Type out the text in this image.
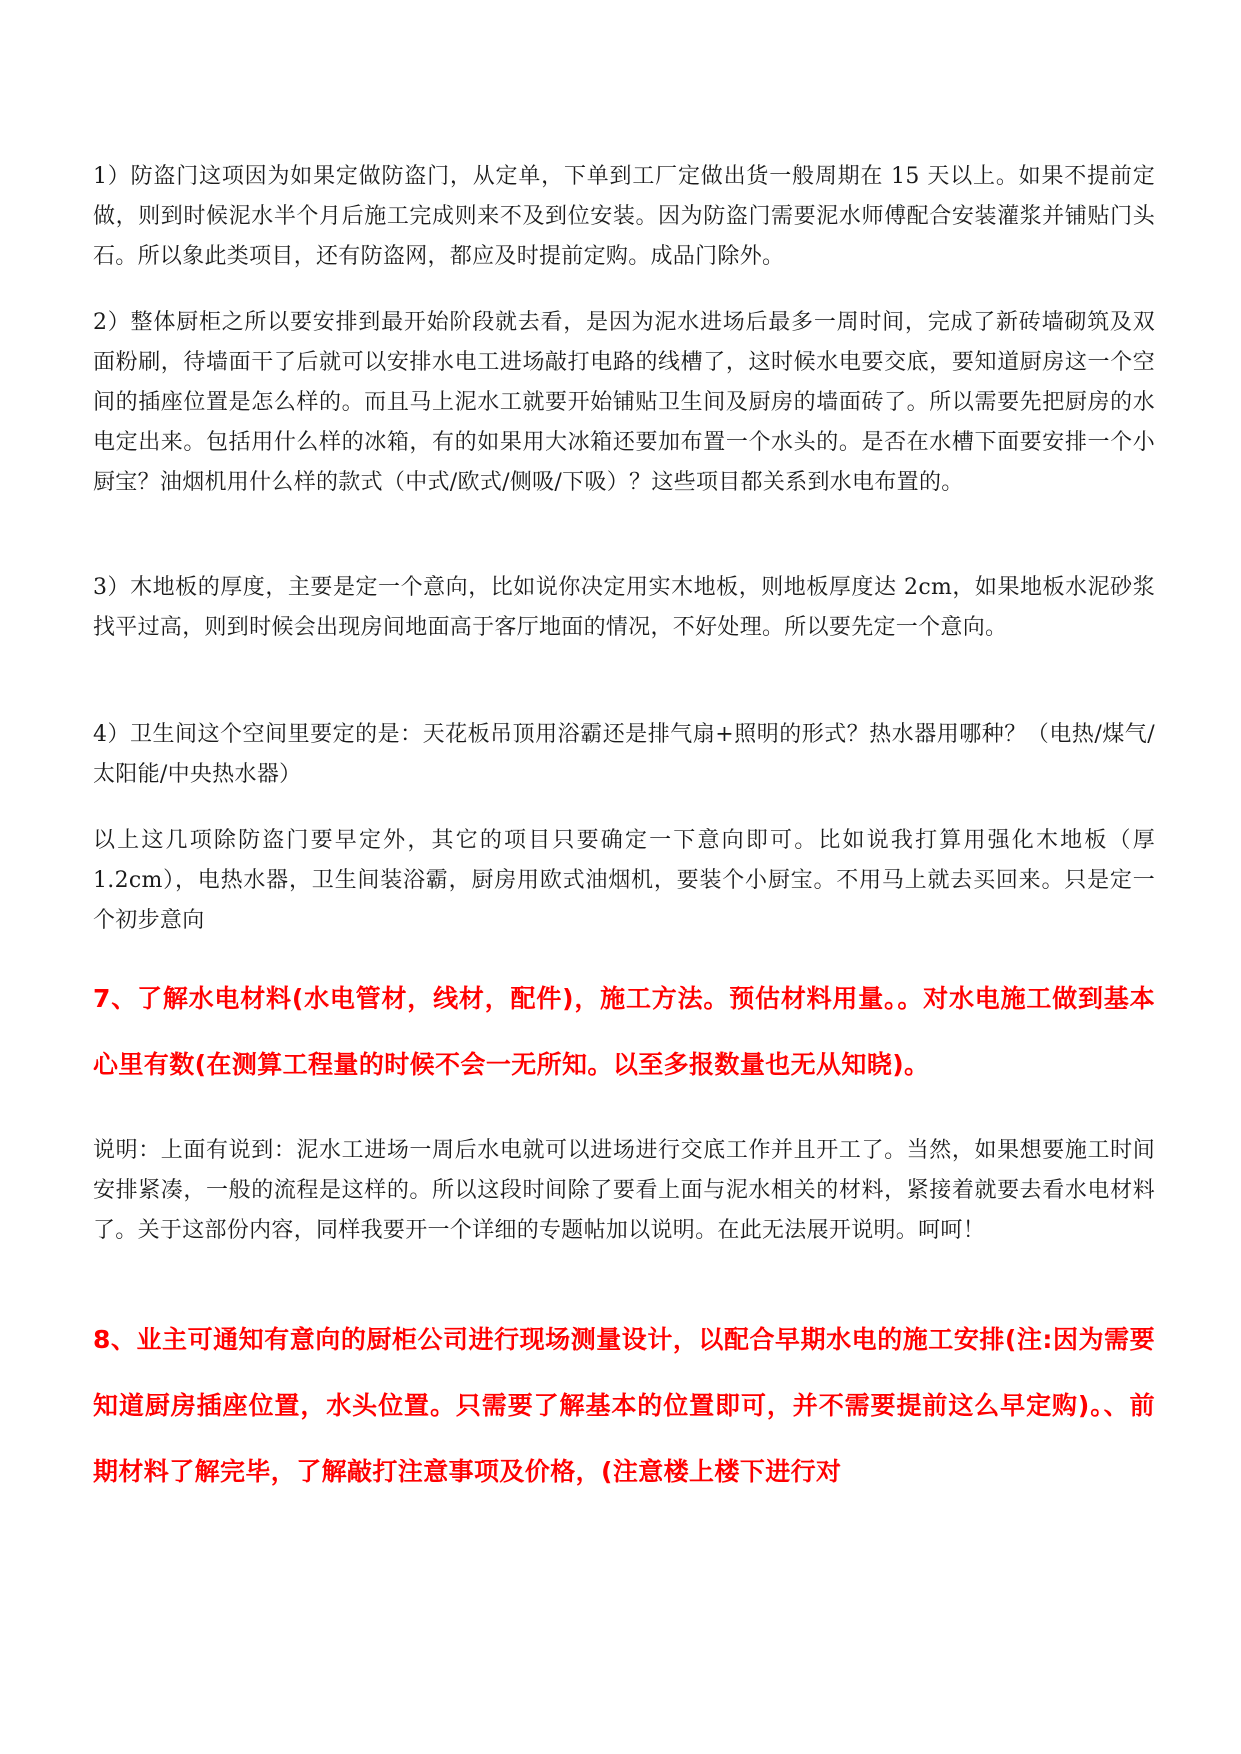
1）防盗门这项因为如果定做防盗门，从定单，下单到工厂定做出货一般周期在 15 天以上。如果不提前定做，则到时候泥水半个月后施工完成则来不及到位安装。因为防盗门需要泥水师傅配合安装灌浆并铺贴门头石。所以象此类项目，还有防盗网，都应及时提前定购。成品门除外。

2）整体厨柜之所以要安排到最开始阶段就去看，是因为泥水进场后最多一周时间，完成了新砖墙砌筑及双面粉刷，待墙面干了后就可以安排水电工进场敲打电路的线槽了，这时候水电要交底，要知道厨房这一个空间的插座位置是怎么样的。而且马上泥水工就要开始铺贴卫生间及厨房的墙面砖了。所以需要先把厨房的水电定出来。包括用什么样的冰箱，有的如果用大冰箱还要加布置一个水头的。是否在水槽下面要安排一个小厨宝？油烟机用什么样的款式（中式/欧式/侧吸/下吸）？这些项目都关系到水电布置的。

3）木地板的厚度，主要是定一个意向，比如说你决定用实木地板，则地板厚度达 2cm，如果地板水泥砂浆找平过高，则到时候会出现房间地面高于客厅地面的情况，不好处理。所以要先定一个意向。

4）卫生间这个空间里要定的是：天花板吊顶用浴霸还是排气扇+照明的形式？热水器用哪种？（电热/煤气/太阳能/中央热水器）

以上这几项除防盗门要早定外，其它的项目只要确定一下意向即可。比如说我打算用强化木地板（厚 1.2cm），电热水器，卫生间装浴霸，厨房用欧式油烟机，要装个小厨宝。不用马上就去买回来。只是定一个初步意向

7、了解水电材料(水电管材，线材，配件)，施工方法。预估材料用量。。对水电施工做到基本心里有数(在测算工程量的时候不会一无所知。以至多报数量也无从知晓)。

说明：上面有说到：泥水工进场一周后水电就可以进场进行交底工作并且开工了。当然，如果想要施工时间安排紧凑，一般的流程是这样的。所以这段时间除了要看上面与泥水相关的材料，紧接着就要去看水电材料了。关于这部份内容，同样我要开一个详细的专题帖加以说明。在此无法展开说明。呵呵！

8、业主可通知有意向的厨柜公司进行现场测量设计，以配合早期水电的施工安排(注:因为需要知道厨房插座位置，水头位置。只需要了解基本的位置即可，并不需要提前这么早定购)。、前期材料了解完毕，了解敲打注意事项及价格，(注意楼上楼下进行对
